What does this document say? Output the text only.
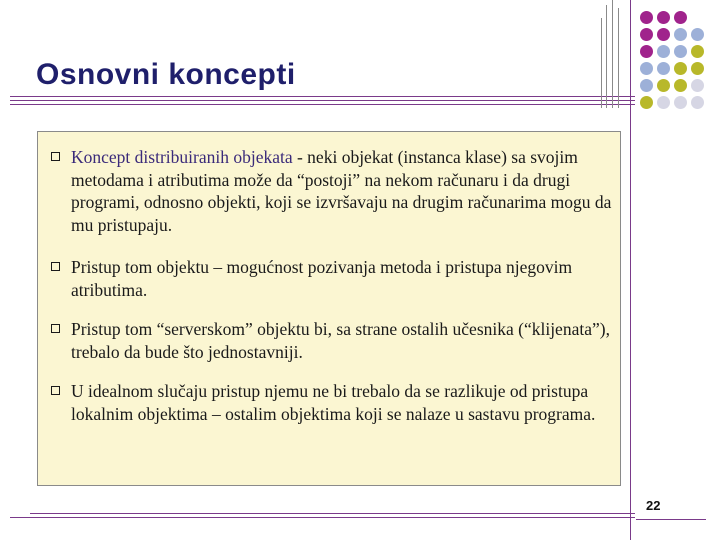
Osnovni koncepti

Koncept distribuiranih objekata - neki objekat (instanca klase) sa svojim metodama i atributima može da “postoji” na nekom računaru i da drugi programi, odnosno objekti, koji se izvršavaju na drugim računarima mogu da mu pristupaju.

Pristup tom objektu – mogućnost pozivanja metoda i pristupa njegovim atributima.

Pristup tom “serverskom” objektu bi, sa strane ostalih učesnika (“klijenata”), trebalo da bude što jednostavniji.

U idealnom slučaju pristup njemu ne bi trebalo da se razlikuje od pristupa lokalnim objektima – ostalim objektima koji se nalaze u sastavu programa.

22
